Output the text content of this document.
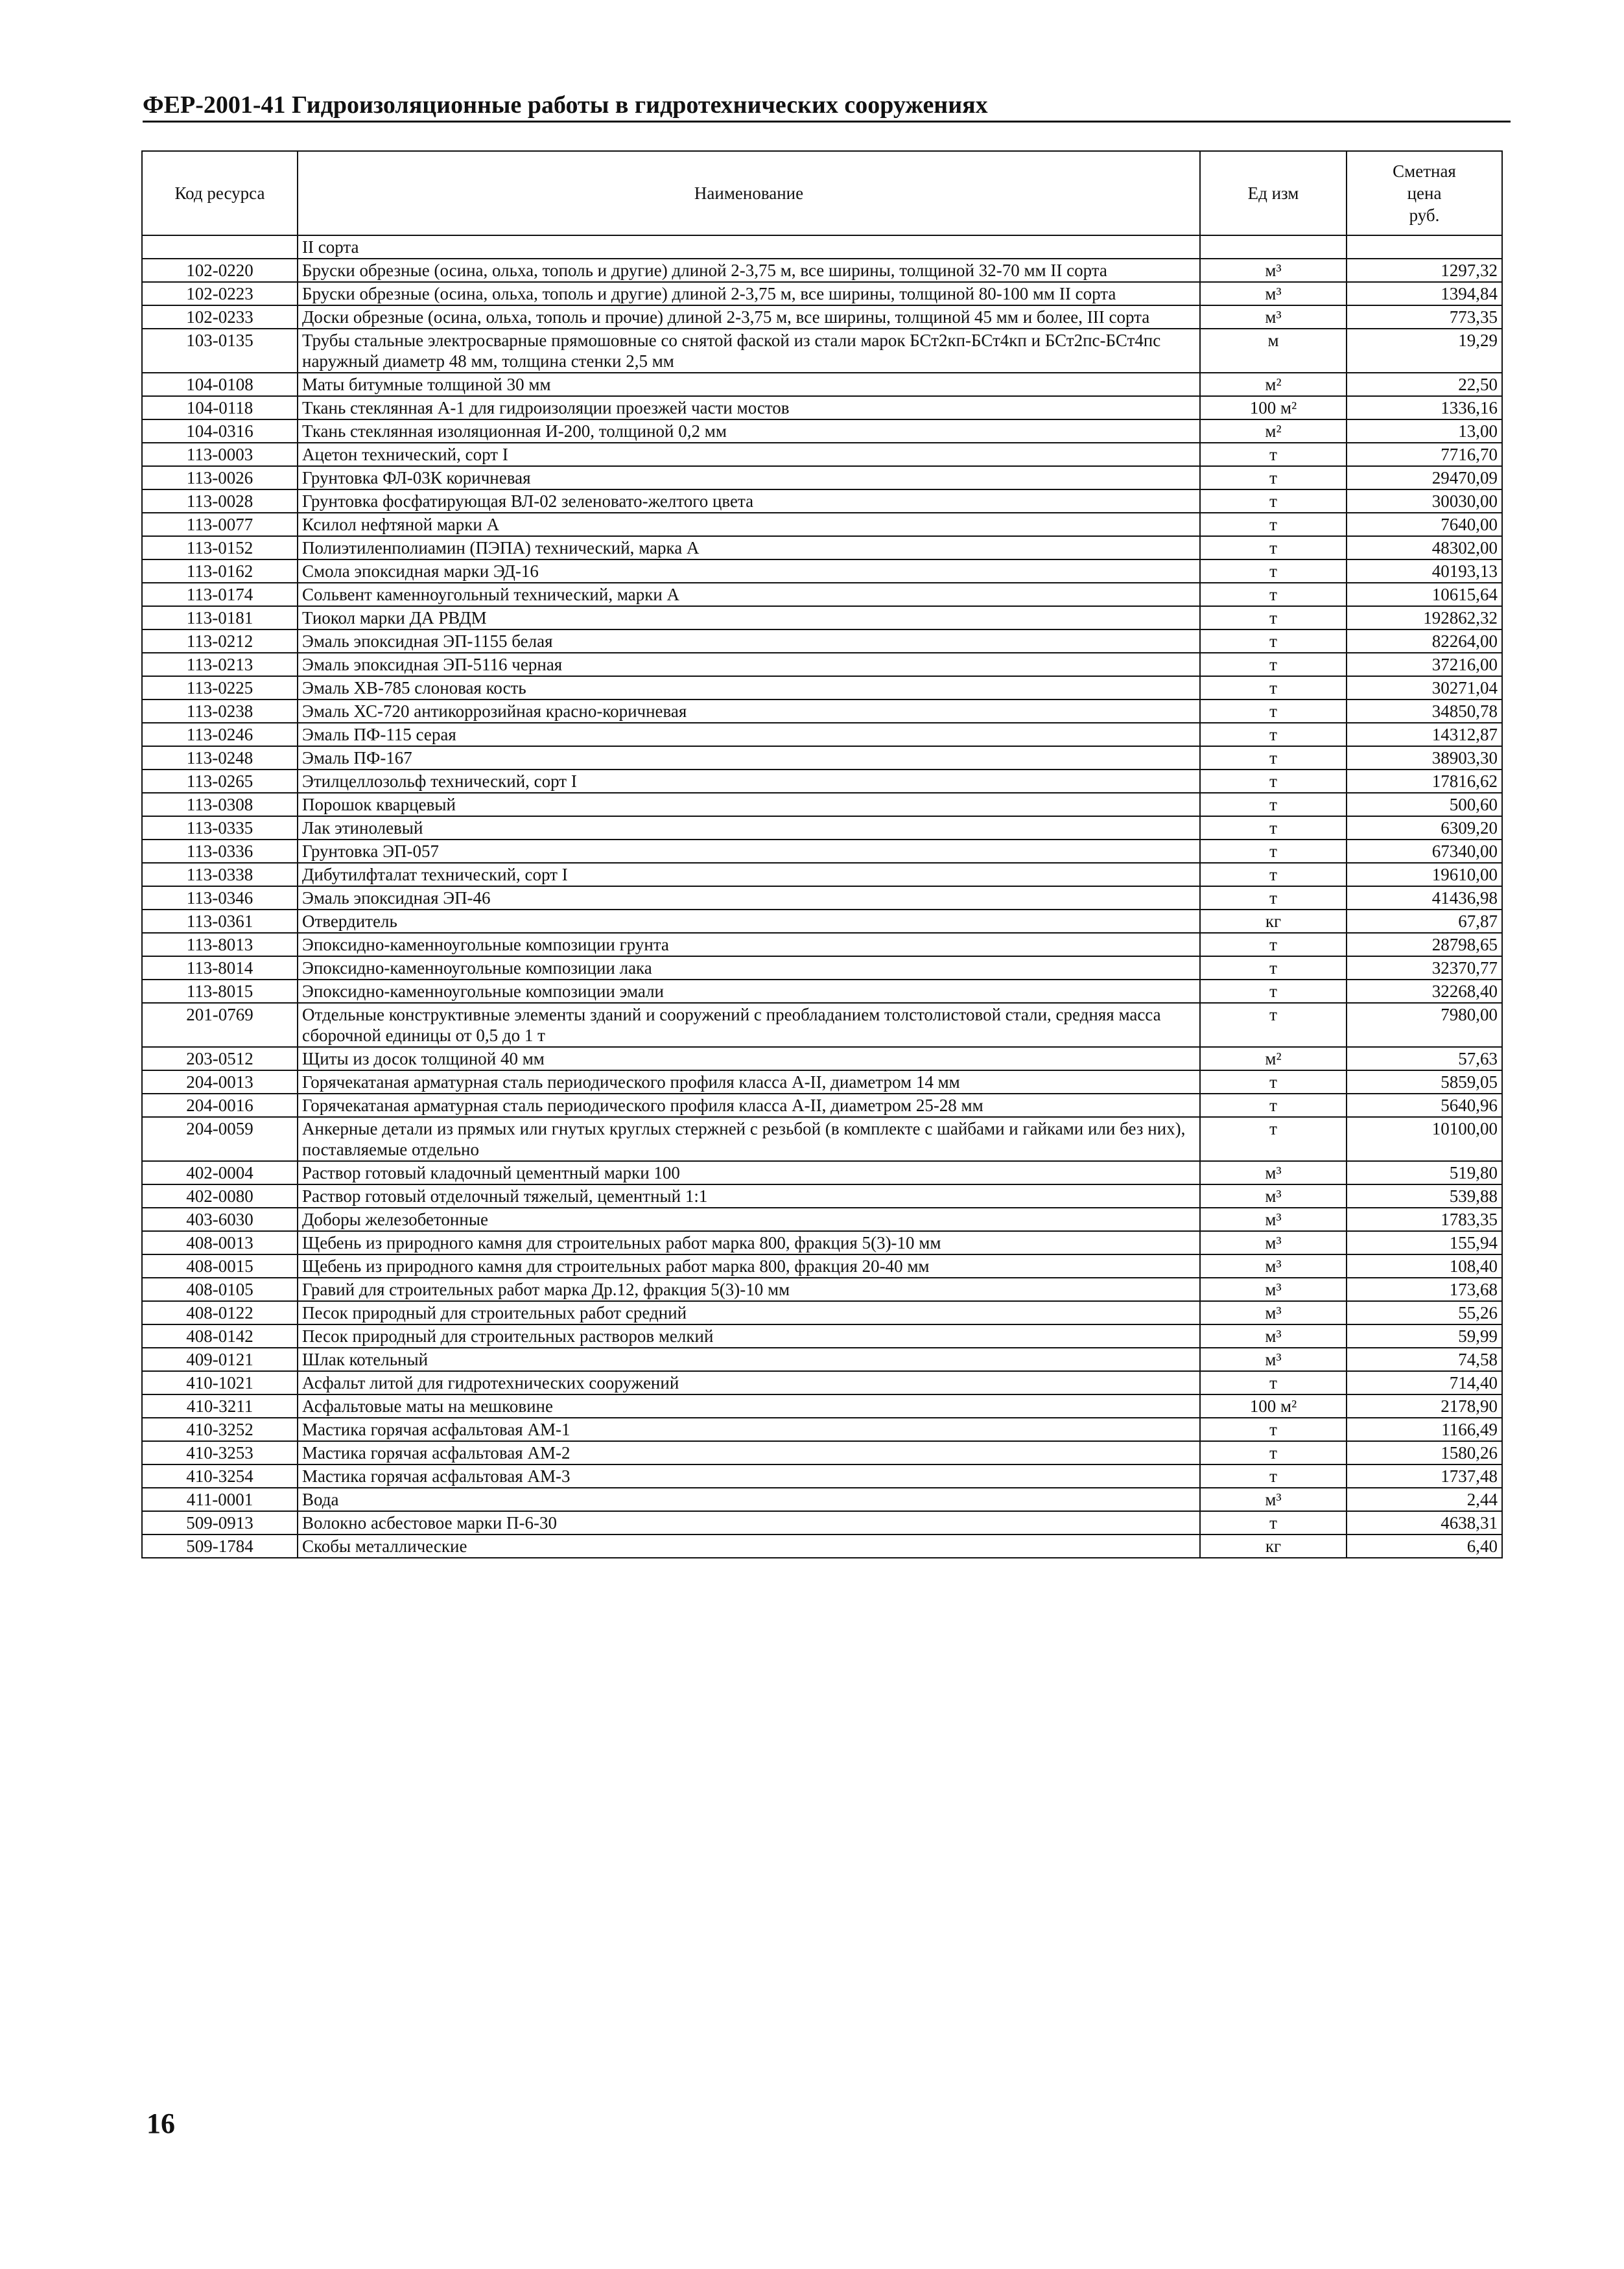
ФЕР-2001-41 Гидроизоляционные работы в гидротехнических сооружениях
Код ресурса	Наименование	Ед изм	Сметная
цена
руб.
	II сорта		
102-0220	Бруски обрезные (осина, ольха, тополь и другие) длиной 2-3,75 м, все ширины, толщиной 32-70 мм II сорта	м³	1297,32
102-0223	Бруски обрезные (осина, ольха, тополь и другие) длиной 2-3,75 м, все ширины, толщиной 80-100 мм II сорта	м³	1394,84
102-0233	Доски обрезные (осина, ольха, тополь и прочие) длиной 2-3,75 м, все ширины, толщиной 45 мм и более, III сорта	м³	773,35
103-0135	Трубы стальные электросварные прямошовные со снятой фаской из стали марок БСт2кп-БСт4кп и БСт2пс-БСт4пс наружный диаметр 48 мм, толщина стенки 2,5 мм	м	19,29
104-0108	Маты битумные толщиной 30 мм	м²	22,50
104-0118	Ткань стеклянная А-1 для гидроизоляции проезжей части мостов	100 м²	1336,16
104-0316	Ткань стеклянная изоляционная И-200, толщиной 0,2 мм	м²	13,00
113-0003	Ацетон технический, сорт I	т	7716,70
113-0026	Грунтовка ФЛ-03К коричневая	т	29470,09
113-0028	Грунтовка фосфатирующая ВЛ-02 зеленовато-желтого цвета	т	30030,00
113-0077	Ксилол нефтяной марки А	т	7640,00
113-0152	Полиэтиленполиамин (ПЭПА) технический, марка А	т	48302,00
113-0162	Смола эпоксидная марки ЭД-16	т	40193,13
113-0174	Сольвент каменноугольный технический, марки А	т	10615,64
113-0181	Тиокол марки ДА РВДМ	т	192862,32
113-0212	Эмаль эпоксидная ЭП-1155 белая	т	82264,00
113-0213	Эмаль эпоксидная ЭП-5116 черная	т	37216,00
113-0225	Эмаль ХВ-785 слоновая кость	т	30271,04
113-0238	Эмаль ХС-720 антикоррозийная красно-коричневая	т	34850,78
113-0246	Эмаль ПФ-115 серая	т	14312,87
113-0248	Эмаль ПФ-167	т	38903,30
113-0265	Этилцеллозольф технический, сорт I	т	17816,62
113-0308	Порошок кварцевый	т	500,60
113-0335	Лак этинолевый	т	6309,20
113-0336	Грунтовка ЭП-057	т	67340,00
113-0338	Дибутилфталат технический, сорт I	т	19610,00
113-0346	Эмаль эпоксидная ЭП-46	т	41436,98
113-0361	Отвердитель	кг	67,87
113-8013	Эпоксидно-каменноугольные композиции грунта	т	28798,65
113-8014	Эпоксидно-каменноугольные композиции лака	т	32370,77
113-8015	Эпоксидно-каменноугольные композиции эмали	т	32268,40
201-0769	Отдельные конструктивные элементы зданий и сооружений с преобладанием толстолистовой стали, средняя масса сборочной единицы от 0,5 до 1 т	т	7980,00
203-0512	Щиты из досок толщиной 40 мм	м²	57,63
204-0013	Горячекатаная арматурная сталь периодического профиля класса А-II, диаметром 14 мм	т	5859,05
204-0016	Горячекатаная арматурная сталь периодического профиля класса А-II, диаметром 25-28 мм	т	5640,96
204-0059	Анкерные детали из прямых или гнутых круглых стержней с резьбой (в комплекте с шайбами и гайками или без них), поставляемые отдельно	т	10100,00
402-0004	Раствор готовый кладочный цементный марки 100	м³	519,80
402-0080	Раствор готовый отделочный тяжелый, цементный 1:1	м³	539,88
403-6030	Доборы железобетонные	м³	1783,35
408-0013	Щебень из природного камня для строительных работ марка 800, фракция 5(3)-10 мм	м³	155,94
408-0015	Щебень из природного камня для строительных работ марка 800, фракция 20-40 мм	м³	108,40
408-0105	Гравий для строительных работ марка Др.12, фракция 5(3)-10 мм	м³	173,68
408-0122	Песок природный для строительных работ средний	м³	55,26
408-0142	Песок природный для строительных растворов мелкий	м³	59,99
409-0121	Шлак котельный	м³	74,58
410-1021	Асфальт литой для гидротехнических сооружений	т	714,40
410-3211	Асфальтовые маты на мешковине	100 м²	2178,90
410-3252	Мастика горячая асфальтовая АМ-1	т	1166,49
410-3253	Мастика горячая асфальтовая АМ-2	т	1580,26
410-3254	Мастика горячая асфальтовая АМ-3	т	1737,48
411-0001	Вода	м³	2,44
509-0913	Волокно асбестовое марки П-6-30	т	4638,31
509-1784	Скобы металлические	кг	6,40
16
